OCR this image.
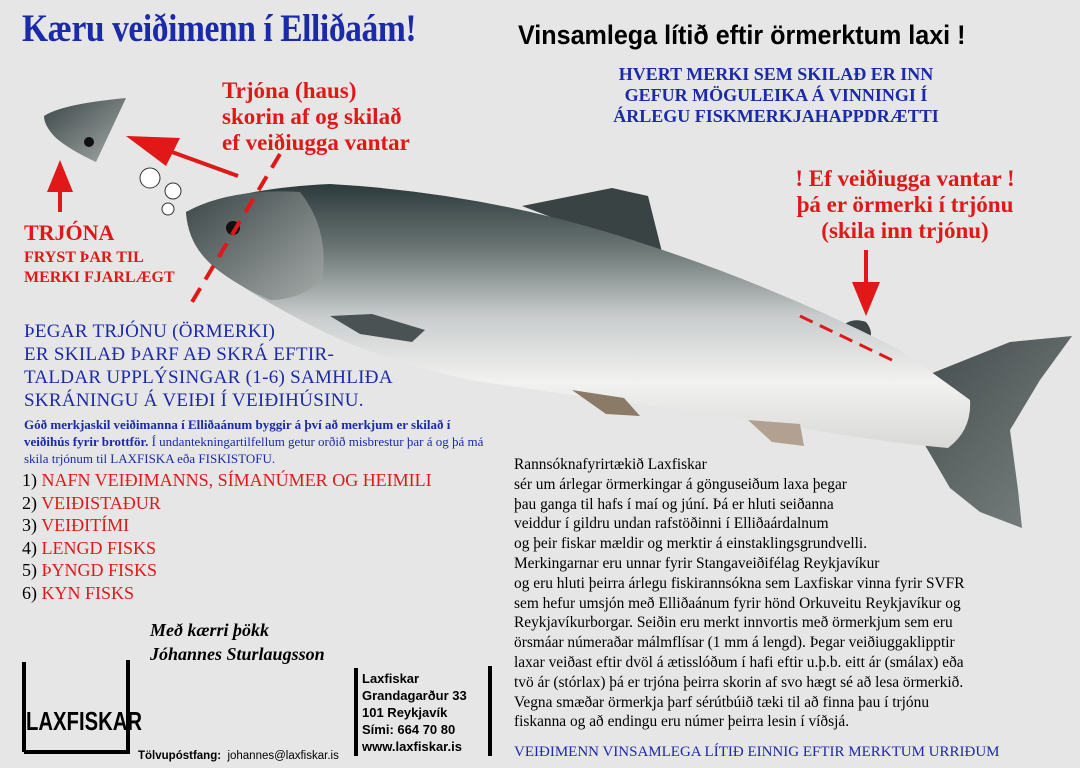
Kæru veiðimenn í Elliðaám!	Vinsamlega lítið eftir örmerktum laxi !
HVERT MERKI SEM SKILAÐ ER INN
GEFUR MÖGULEIKA Á VINNINGI Í
ÁRLEGU FISKMERKJAHAPPDRÆTTI
Trjóna (haus)
skorin af og skilað
ef veiðiugga vantar
! Ef veiðiugga vantar !
þá er örmerki í trjónu
(skila inn trjónu)
TRJÓNA
FRYST ÞAR TIL
MERKI FJARLÆGT
ÞEGAR TRJÓNU (ÖRMERKI)
ER SKILAÐ ÞARF AÐ SKRÁ EFTIR-
TALDAR UPPLÝSINGAR (1-6) SAMHLIÐA
SKRÁNINGU Á VEIÐI Í VEIÐIHÚSINU.
Góð merkjaskil veiðimanna í Elliðaánum byggir á því að merkjum er skilað í veiðihús fyrir brottför. Í undantekningartilfellum getur orðið misbrestur þar á og þá má skila trjónum til LAXFISKA eða FISKISTOFU.
1) NAFN VEIÐIMANNS, SÍMANÚMER OG HEIMILI
2) VEIÐISTAÐUR
3) VEIÐITÍMI
4) LENGD FISKS
5) ÞYNGD FISKS
6) KYN FISKS
Með kærri þökk
Jóhannes Sturlaugsson
Rannsóknafyrirtækið Laxfiskar
sér um árlegar örmerkingar á gönguseiðum laxa þegar
þau ganga til hafs í maí og júní. Þá er hluti seiðanna
veiddur í gildru undan rafstöðinni í Elliðaárdalnum
og þeir fiskar mældir og merktir á einstaklingsgrundvelli.
Merkingarnar eru unnar fyrir Stangaveiðifélag Reykjavíkur
og eru hluti þeirra árlegu fiskirannsókna sem Laxfiskar vinna fyrir SVFR
sem hefur umsjón með Elliðaánum fyrir hönd Orkuveitu Reykjavíkur og
Reykjavíkurborgar. Seiðin eru merkt innvortis með örmerkjum sem eru
örsmáar númeraðar málmflísar (1 mm á lengd). Þegar veiðiuggaklipptir
laxar veiðast eftir dvöl á ætisslóðum í hafi eftir u.þ.b. eitt ár (smálax) eða
tvö ár (stórlax) þá er trjóna þeirra skorin af svo hægt sé að lesa örmerkið.
Vegna smæðar örmerkja þarf sérútbúið tæki til að finna þau í trjónu
fiskanna og að endingu eru númer þeirra lesin í víðsjá.
VEIÐIMENN VINSAMLEGA LÍTIÐ EINNIG EFTIR MERKTUM URRIÐUM
LAXFISKAR
Laxfiskar
Grandagarður 33
101 Reykjavík
Sími: 664 70 80
www.laxfiskar.is
Tölvupóstfang: johannes@laxfiskar.is
